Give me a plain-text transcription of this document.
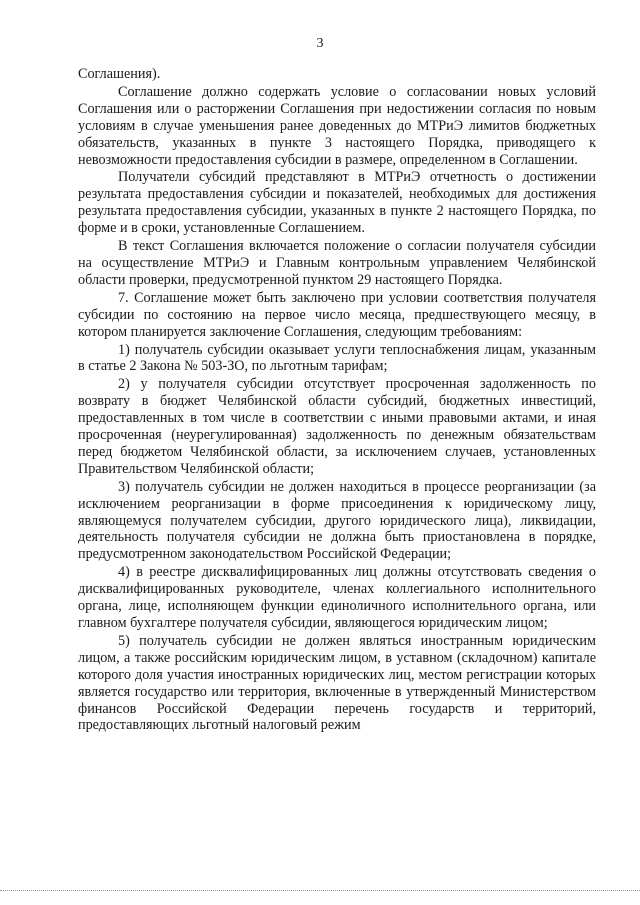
3

Соглашения).

Соглашение должно содержать условие о согласовании новых условий Соглашения или о расторжении Соглашения при недостижении согласия по новым условиям в случае уменьшения ранее доведенных до МТРиЭ лимитов бюджетных обязательств, указанных в пункте 3 настоящего Порядка, приводящего к невозможности предоставления субсидии в размере, определенном в Соглашении.

Получатели субсидий представляют в МТРиЭ отчетность о достижении результата предоставления субсидии и показателей, необходимых для достижения результата предоставления субсидии, указанных в пункте 2 настоящего Порядка, по форме и в сроки, установленные Соглашением.

В текст Соглашения включается положение о согласии получателя субсидии на осуществление МТРиЭ и Главным контрольным управлением Челябинской области проверки, предусмотренной пунктом 29 настоящего Порядка.

7. Соглашение может быть заключено при условии соответствия получателя субсидии по состоянию на первое число месяца, предшествующего месяцу, в котором планируется заключение Соглашения, следующим требованиям:

1) получатель субсидии оказывает услуги теплоснабжения лицам, указанным в статье 2 Закона № 503-ЗО, по льготным тарифам;

2) у получателя субсидии отсутствует просроченная задолженность по возврату в бюджет Челябинской области субсидий, бюджетных инвестиций, предоставленных в том числе в соответствии с иными правовыми актами, и иная просроченная (неурегулированная) задолженность по денежным обязательствам перед бюджетом Челябинской области, за исключением случаев, установленных Правительством Челябинской области;

3) получатель субсидии не должен находиться в процессе реорганизации (за исключением реорганизации в форме присоединения к юридическому лицу, являющемуся получателем субсидии, другого юридического лица), ликвидации, деятельность получателя субсидии не должна быть приостановлена в порядке, предусмотренном законодательством Российской Федерации;

4) в реестре дисквалифицированных лиц должны отсутствовать сведения о дисквалифицированных руководителе, членах коллегиального исполнительного органа, лице, исполняющем функции единоличного исполнительного органа, или главном бухгалтере получателя субсидии, являющегося юридическим лицом;

5) получатель субсидии не должен являться иностранным юридическим лицом, а также российским юридическим лицом, в уставном (складочном) капитале которого доля участия иностранных юридических лиц, местом регистрации которых является государство или территория, включенные в утвержденный Министерством финансов Российской Федерации перечень государств и территорий, предоставляющих льготный налоговый режим
